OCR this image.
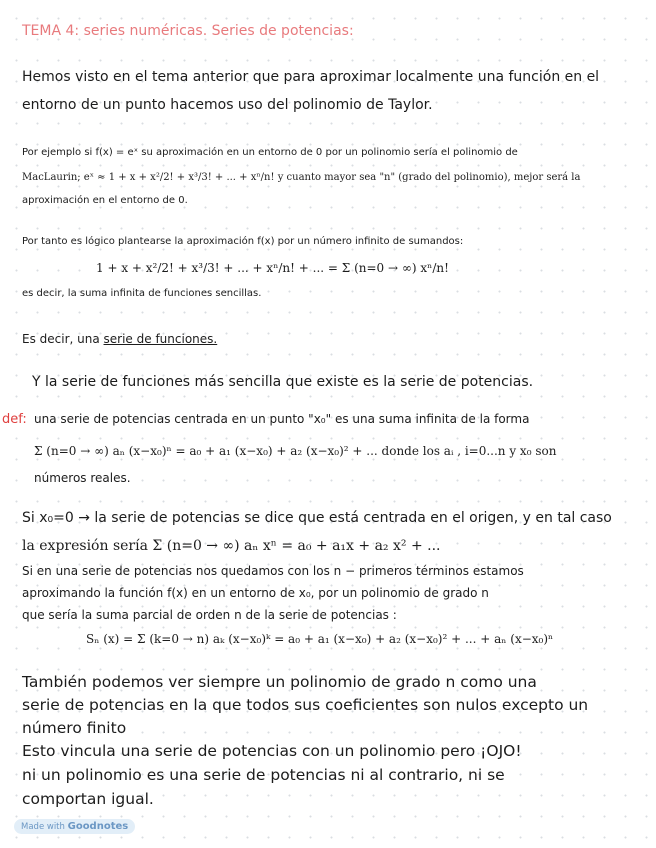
TEMA 4: series numéricas. Series de potencias:
Hemos visto en el tema anterior que para aproximar localmente una función en el
entorno de un punto hacemos uso del polinomio de Taylor.
Por ejemplo si f(x) = eˣ su aproximación en un entorno de 0 por un polinomio sería el polinomio de
MacLaurin; eˣ ≈ 1 + x + x²/2! + x³/3! + ... + xⁿ/n! y cuanto mayor sea "n" (grado del polinomio), mejor será la
aproximación en el entorno de 0.
Por tanto es lógico plantearse la aproximación f(x) por un número infinito de sumandos:
1 + x + x²/2! + x³/3! + ... + xⁿ/n! + ... = Σ (n=0 → ∞) xⁿ/n!
es decir, la suma infinita de funciones sencillas.
Es decir, una serie de funciones.
Y la serie de funciones más sencilla que existe es la serie de potencias.
def: una serie de potencias centrada en un punto "x₀" es una suma infinita de la forma
Σ (n=0 → ∞) aₙ (x−x₀)ⁿ = a₀ + a₁ (x−x₀) + a₂ (x−x₀)² + ... donde los aᵢ , i=0...n y x₀ son
números reales.
Si x₀=0 → la serie de potencias se dice que está centrada en el origen, y en tal caso
la expresión sería Σ (n=0 → ∞) aₙ xⁿ = a₀ + a₁x + a₂ x² + ...
Si en una serie de potencias nos quedamos con los n − primeros términos estamos
aproximando la función f(x) en un entorno de x₀, por un polinomio de grado n
que sería la suma parcial de orden n de la serie de potencias :
Sₙ (x) = Σ (k=0 → n) aₖ (x−x₀)ᵏ = a₀ + a₁ (x−x₀) + a₂ (x−x₀)² + ... + aₙ (x−x₀)ⁿ
También podemos ver siempre un polinomio de grado n como una
serie de potencias en la que todos sus coeficientes son nulos excepto un
número finito
Esto vincula una serie de potencias con un polinomio pero ¡OJO!
ni un polinomio es una serie de potencias ni al contrario, ni se
comportan igual.
Made with Goodnotes
